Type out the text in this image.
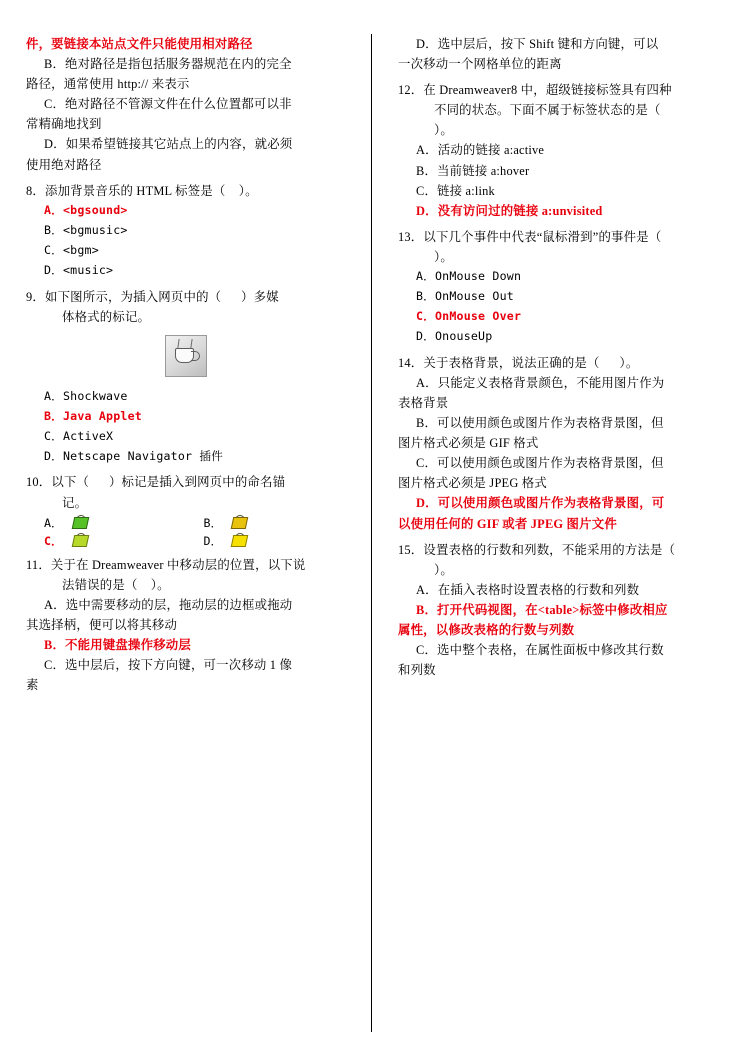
件，要链接本站点文件只能使用相对路径

B．绝对路径是指包括服务器规范在内的完全

路径，通常使用 http:// 来表示

C．绝对路径不管源文件在什么位置都可以非

常精确地找到

D．如果希望链接其它站点上的内容，就必须

使用绝对路径

8．添加背景音乐的 HTML 标签是（    ）。

A．<bgsound>

B．<bgmusic>

C．<bgm>

D．<music>

9．如下图所示，为插入网页中的（      ）多媒

体格式的标记。

A．Shockwave

B．Java Applet

C．ActiveX

D．Netscape Navigator 插件

10．以下（      ）标记是插入到网页中的命名锚

记。

A．	B．
C．	D．

11．关于在 Dreamweaver 中移动层的位置，以下说

法错误的是（    ）。

A．选中需要移动的层，拖动层的边框或拖动

其选择柄，便可以将其移动

B．不能用键盘操作移动层

C．选中层后，按下方向键，可一次移动 1 像

素

D．选中层后，按下 Shift 键和方向键，可以

一次移动一个网格单位的距离

12．在 Dreamweaver8 中，超级链接标签具有四种

不同的状态。下面不属于标签状态的是（

）。

A．活动的链接 a:active

B．当前链接 a:hover

C．链接 a:link

D．没有访问过的链接 a:unvisited

13．以下几个事件中代表“鼠标滑到”的事件是（

）。

A．OnMouse Down

B．OnMouse Out

C．OnMouse Over

D．OnouseUp

14．关于表格背景，说法正确的是（      ）。

A．只能定义表格背景颜色，不能用图片作为

表格背景

B．可以使用颜色或图片作为表格背景图，但

图片格式必须是 GIF 格式

C．可以使用颜色或图片作为表格背景图，但

图片格式必须是 JPEG 格式

D．可以使用颜色或图片作为表格背景图，可

以使用任何的 GIF 或者 JPEG 图片文件

15．设置表格的行数和列数，不能采用的方法是（

）。

A．在插入表格时设置表格的行数和列数

B．打开代码视图，在<table>标签中修改相应

属性，以修改表格的行数与列数

C．选中整个表格，在属性面板中修改其行数

和列数
